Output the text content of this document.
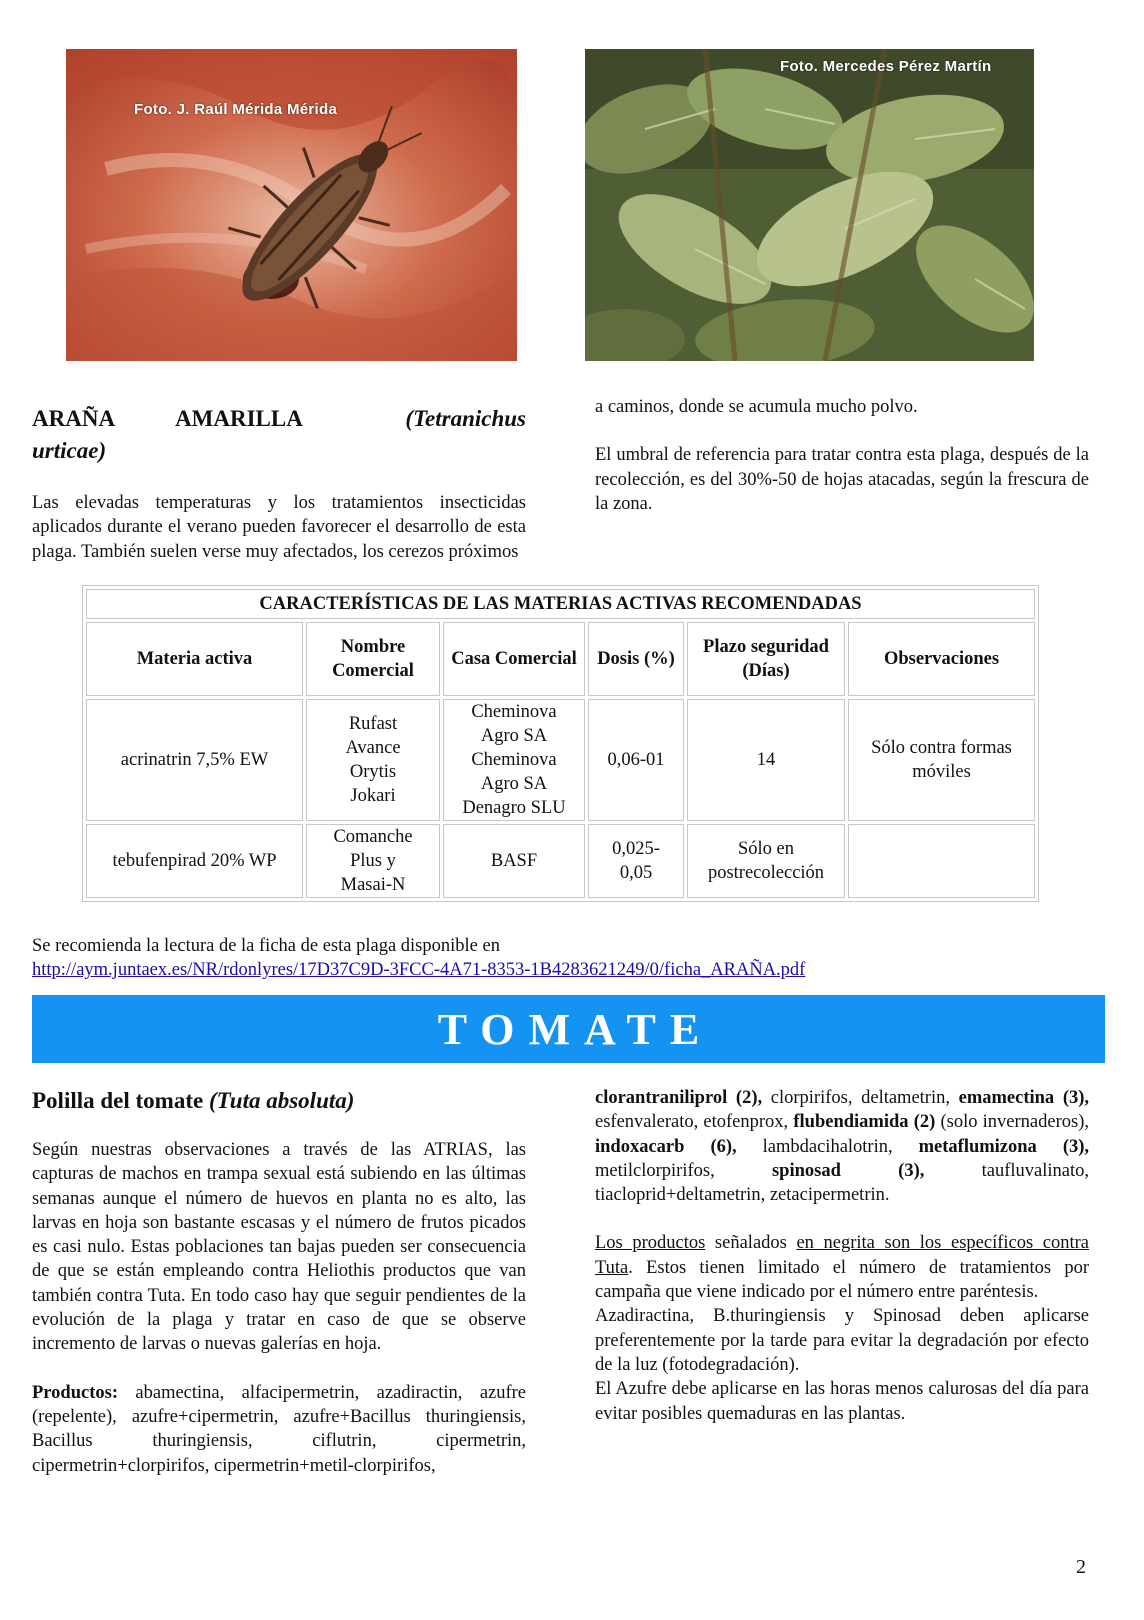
Foto. J. Raúl Mérida Mérida
Foto. Mercedes Pérez Martín
ARAÑA	AMARILLA	(Tetranichus urticae)
Las elevadas temperaturas y los tratamientos insecticidas aplicados durante el verano pueden favorecer el desarrollo de esta plaga. También suelen verse muy afectados, los cerezos próximos
a caminos, donde se acumula mucho polvo.
El umbral de referencia para tratar contra esta plaga, después de la recolección, es del 30%-50 de hojas atacadas, según la frescura de la zona.
CARACTERÍSTICAS DE LAS MATERIAS ACTIVAS RECOMENDADAS					
Materia activa	Nombre Comercial	Casa Comercial	Dosis (%)	Plazo seguridad (Días)	Observaciones
acrinatrin 7,5% EW	Rufast Avance Orytis Jokari	Cheminova Agro SA Cheminova Agro SA Denagro SLU	0,06-01	14	Sólo contra formas móviles
tebufenpirad 20% WP	Comanche Plus y Masai-N	BASF	0,025-0,05	Sólo en postrecolección	
Se recomienda la lectura de la ficha de esta plaga disponible en
http://aym.juntaex.es/NR/rdonlyres/17D37C9D-3FCC-4A71-8353-1B4283621249/0/ficha_ARAÑA.pdf
TOMATE
Polilla del tomate (Tuta absoluta)
Según nuestras observaciones a través de las ATRIAS, las capturas de machos en trampa sexual está subiendo en las últimas semanas aunque el número de huevos en planta no es alto, las larvas en hoja son bastante escasas y el número de frutos picados es casi nulo. Estas poblaciones tan bajas pueden ser consecuencia de que se están empleando contra Heliothis productos que van también contra Tuta. En todo caso hay que seguir pendientes de la evolución de la plaga y tratar en caso de que se observe incremento de larvas o nuevas galerías en hoja.
Productos: abamectina, alfacipermetrin, azadiractin, azufre (repelente), azufre+cipermetrin, azufre+Bacillus thuringiensis, Bacillus	thuringiensis,	ciflutrin,	cipermetrin, cipermetrin+clorpirifos, cipermetrin+metil-clorpirifos,
clorantraniliprol (2), clorpirifos, deltametrin, emamectina (3), esfenvalerato, etofenprox, flubendiamida (2) (solo invernaderos), indoxacarb (6), lambdacihalotrin, metaflumizona (3), metilclorpirifos,	spinosad	(3),	taufluvalinato, tiacloprid+deltametrin, zetacipermetrin.
Los productos señalados en negrita son los específicos contra Tuta. Estos tienen limitado el número de tratamientos por campaña que viene indicado por el número entre paréntesis.
Azadiractina, B.thuringiensis y Spinosad deben aplicarse preferentemente por la tarde para evitar la degradación por efecto de la luz (fotodegradación).
El Azufre debe aplicarse en las horas menos calurosas del día para evitar posibles quemaduras en las plantas.
2
